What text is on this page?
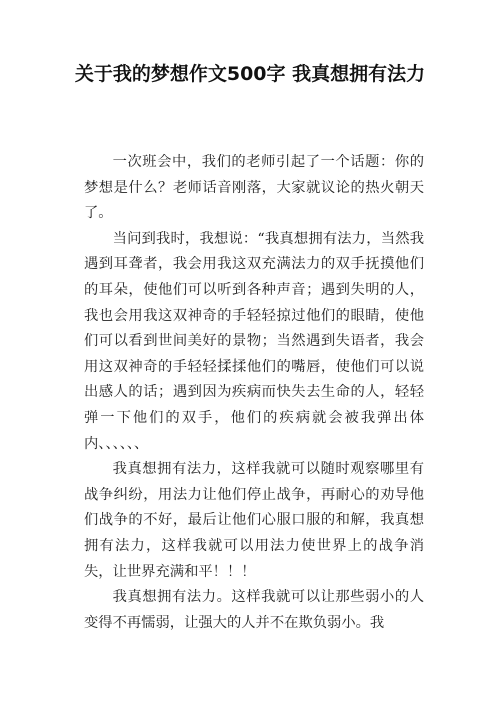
关于我的梦想作文500字 我真想拥有法力

一次班会中，我们的老师引起了一个话题：你的梦想是什么？老师话音刚落，大家就议论的热火朝天了。

当问到我时，我想说：“我真想拥有法力，当然我遇到耳聋者，我会用我这双充满法力的双手抚摸他们的耳朵，使他们可以听到各种声音；遇到失明的人，我也会用我这双神奇的手轻轻掠过他们的眼睛，使他们可以看到世间美好的景物；当然遇到失语者，我会用这双神奇的手轻轻揉揉他们的嘴唇，使他们可以说出感人的话；遇到因为疾病而快失去生命的人，轻轻弹一下他们的双手，他们的疾病就会被我弹出体内、、、、、、

我真想拥有法力，这样我就可以随时观察哪里有战争纠纷，用法力让他们停止战争，再耐心的劝导他们战争的不好，最后让他们心服口服的和解，我真想拥有法力，这样我就可以用法力使世界上的战争消失，让世界充满和平！！！

我真想拥有法力。这样我就可以让那些弱小的人变得不再懦弱，让强大的人并不在欺负弱小。我
